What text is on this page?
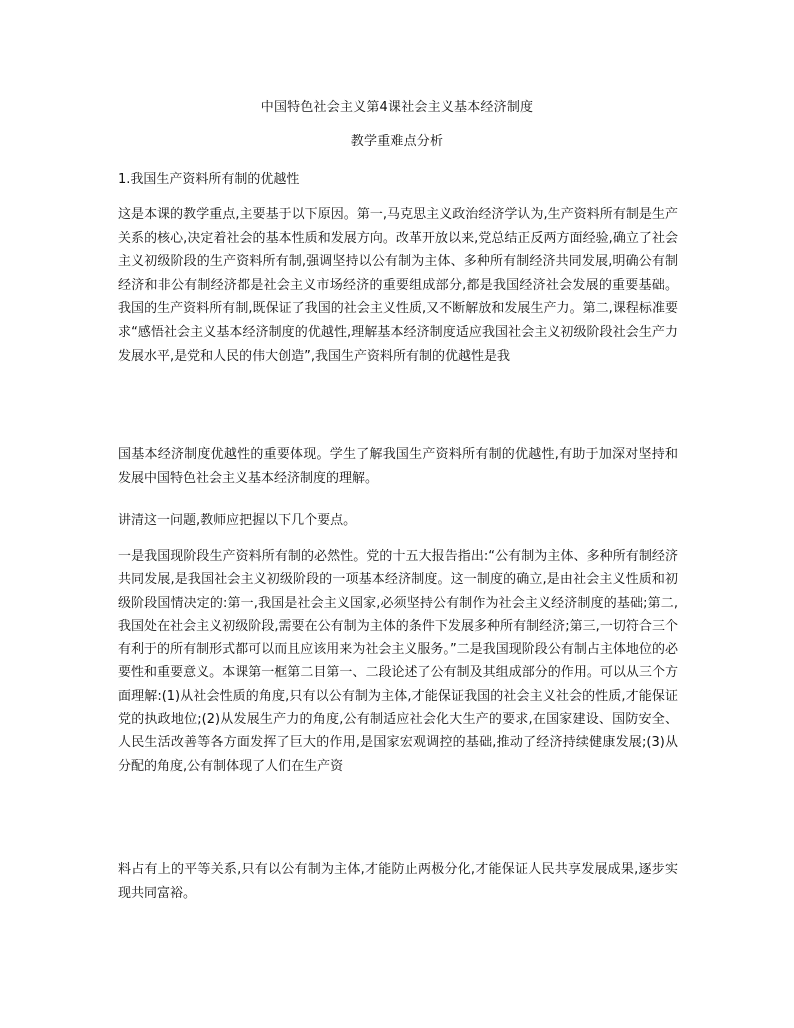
中国特色社会主义第4课社会主义基本经济制度
教学重难点分析
1.我国生产资料所有制的优越性

这是本课的教学重点,主要基于以下原因。第一,马克思主义政治经济学认为,生产资料所有制是生产关系的核心,决定着社会的基本性质和发展方向。改革开放以来,党总结正反两方面经验,确立了社会主义初级阶段的生产资料所有制,强调坚持以公有制为主体、多种所有制经济共同发展,明确公有制经济和非公有制经济都是社会主义市场经济的重要组成部分,都是我国经济社会发展的重要基础。我国的生产资料所有制,既保证了我国的社会主义性质,又不断解放和发展生产力。第二,课程标准要求“感悟社会主义基本经济制度的优越性,理解基本经济制度适应我国社会主义初级阶段社会生产力发展水平,是党和人民的伟大创造”,我国生产资料所有制的优越性是我

国基本经济制度优越性的重要体现。学生了解我国生产资料所有制的优越性,有助于加深对坚持和发展中国特色社会主义基本经济制度的理解。

讲清这一问题,教师应把握以下几个要点。

一是我国现阶段生产资料所有制的必然性。党的十五大报告指出:“公有制为主体、多种所有制经济共同发展,是我国社会主义初级阶段的一项基本经济制度。这一制度的确立,是由社会主义性质和初级阶段国情决定的:第一,我国是社会主义国家,必须坚持公有制作为社会主义经济制度的基础;第二,我国处在社会主义初级阶段,需要在公有制为主体的条件下发展多种所有制经济;第三,一切符合三个有利于的所有制形式都可以而且应该用来为社会主义服务。”二是我国现阶段公有制占主体地位的必要性和重要意义。本课第一框第二目第一、二段论述了公有制及其组成部分的作用。可以从三个方面理解:(1)从社会性质的角度,只有以公有制为主体,才能保证我国的社会主义社会的性质,才能保证党的执政地位;(2)从发展生产力的角度,公有制适应社会化大生产的要求,在国家建设、国防安全、人民生活改善等各方面发挥了巨大的作用,是国家宏观调控的基础,推动了经济持续健康发展;(3)从分配的角度,公有制体现了人们在生产资

料占有上的平等关系,只有以公有制为主体,才能防止两极分化,才能保证人民共享发展成果,逐步实现共同富裕。
